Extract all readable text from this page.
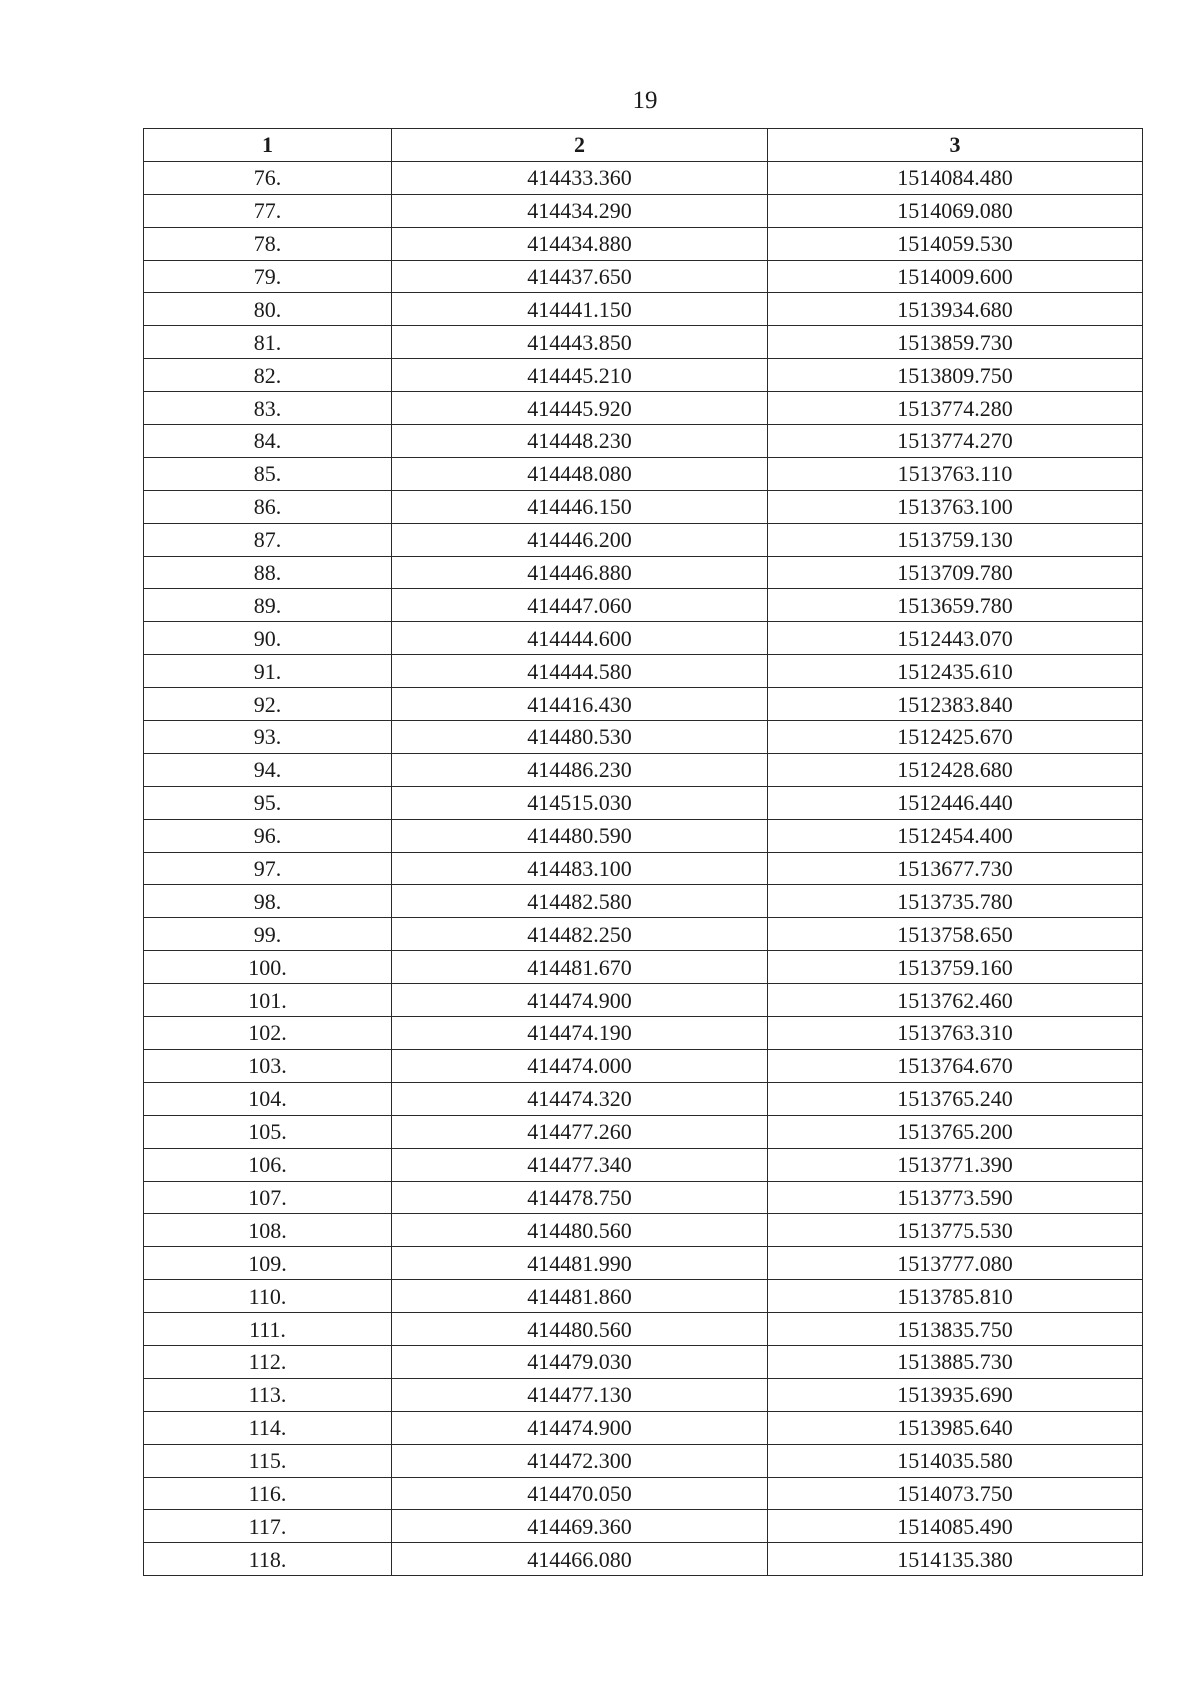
19
1	2	3
76.	414433.360	1514084.480
77.	414434.290	1514069.080
78.	414434.880	1514059.530
79.	414437.650	1514009.600
80.	414441.150	1513934.680
81.	414443.850	1513859.730
82.	414445.210	1513809.750
83.	414445.920	1513774.280
84.	414448.230	1513774.270
85.	414448.080	1513763.110
86.	414446.150	1513763.100
87.	414446.200	1513759.130
88.	414446.880	1513709.780
89.	414447.060	1513659.780
90.	414444.600	1512443.070
91.	414444.580	1512435.610
92.	414416.430	1512383.840
93.	414480.530	1512425.670
94.	414486.230	1512428.680
95.	414515.030	1512446.440
96.	414480.590	1512454.400
97.	414483.100	1513677.730
98.	414482.580	1513735.780
99.	414482.250	1513758.650
100.	414481.670	1513759.160
101.	414474.900	1513762.460
102.	414474.190	1513763.310
103.	414474.000	1513764.670
104.	414474.320	1513765.240
105.	414477.260	1513765.200
106.	414477.340	1513771.390
107.	414478.750	1513773.590
108.	414480.560	1513775.530
109.	414481.990	1513777.080
110.	414481.860	1513785.810
111.	414480.560	1513835.750
112.	414479.030	1513885.730
113.	414477.130	1513935.690
114.	414474.900	1513985.640
115.	414472.300	1514035.580
116.	414470.050	1514073.750
117.	414469.360	1514085.490
118.	414466.080	1514135.380
